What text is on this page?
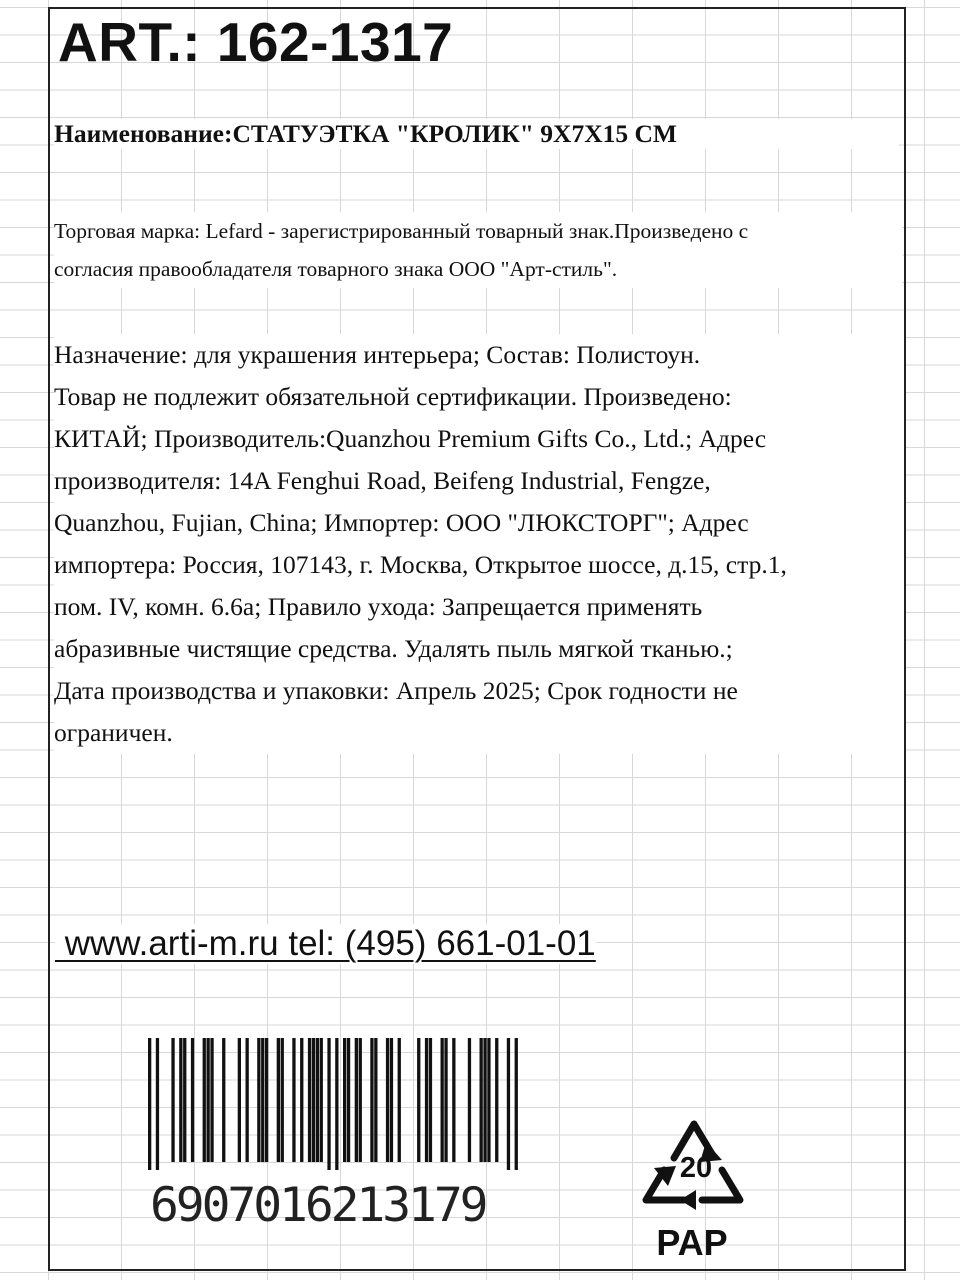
ART.: 162-1317
Наименование:СТАТУЭТКА "КРОЛИК" 9Х7Х15 СМ
Торговая марка: Lefard - зарегистрированный товарный знак.Произведено с
согласия правообладателя товарного знака ООО "Арт-стиль".
Назначение: для украшения интерьера; Состав: Полистоун.
Товар не подлежит обязательной сертификации. Произведено:
КИТАЙ; Производитель:Quanzhou Premium Gifts Co., Ltd.; Адрес
производителя: 14A Fenghui Road, Beifeng Industrial, Fengze,
Quanzhou, Fujian, China; Импортер: ООО "ЛЮКСТОРГ"; Адрес
импортера: Россия, 107143, г. Москва, Открытое шоссе, д.15, стр.1,
пом. IV, комн. 6.6а; Правило ухода: Запрещается применять
абразивные чистящие средства. Удалять пыль мягкой тканью.;
Дата производства и упаковки: Апрель 2025; Срок годности не
ограничен.
www.arti-m.ru tel: (495) 661-01-01
6907016213179
20
PAP
